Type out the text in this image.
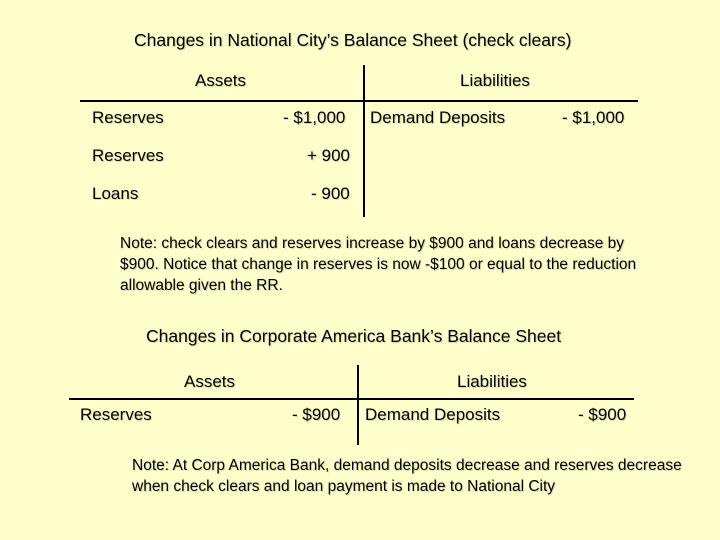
Changes in National City’s Balance Sheet (check clears)
Assets	Liabilities
Reserves	- $1,000 Demand Deposits	- $1,000
Reserves	+ 900
Loans	- 900
Note: check clears and reserves increase by $900 and loans decrease by $900. Notice that change in reserves is now -$100 or equal to the reduction allowable given the RR.
Changes in Corporate America Bank’s Balance Sheet
Assets	Liabilities
Reserves	- $900 Demand Deposits	- $900
Note: At Corp America Bank, demand deposits decrease and reserves decrease when check clears and loan payment is made to National City
